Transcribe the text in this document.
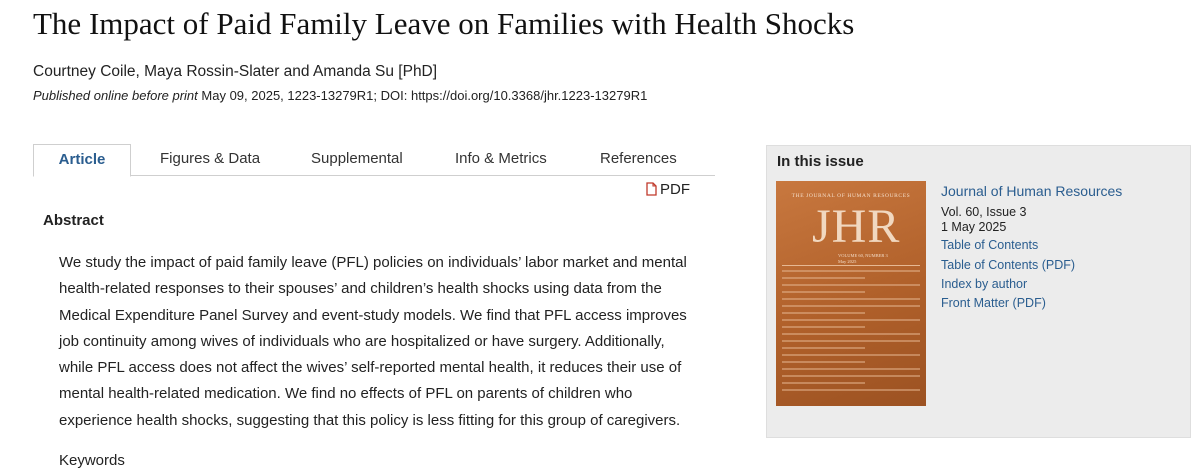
The Impact of Paid Family Leave on Families with Health Shocks
Courtney Coile, Maya Rossin-Slater and Amanda Su [PhD]
Published online before print May 09, 2025, 1223-13279R1; DOI: https://doi.org/10.3368/jhr.1223-13279R1
Article	Figures & Data	Supplemental	Info & Metrics	References
PDF
Abstract
We study the impact of paid family leave (PFL) policies on individuals’ labor market and mental health-related responses to their spouses’ and children’s health shocks using data from the Medical Expenditure Panel Survey and event-study models. We find that PFL access improves job continuity among wives of individuals who are hospitalized or have surgery. Additionally, while PFL access does not affect the wives’ self-reported mental health, it reduces their use of mental health-related medication. We find no effects of PFL on parents of children who experience health shocks, suggesting that this policy is less fitting for this group of caregivers.
Keywords
In this issue
THE JOURNAL OF HUMAN RESOURCES
JHR
VOLUME 60, NUMBER 3
May 2025
Journal of Human Resources
Vol. 60, Issue 3
1 May 2025
Table of Contents
Table of Contents (PDF)
Index by author
Front Matter (PDF)
